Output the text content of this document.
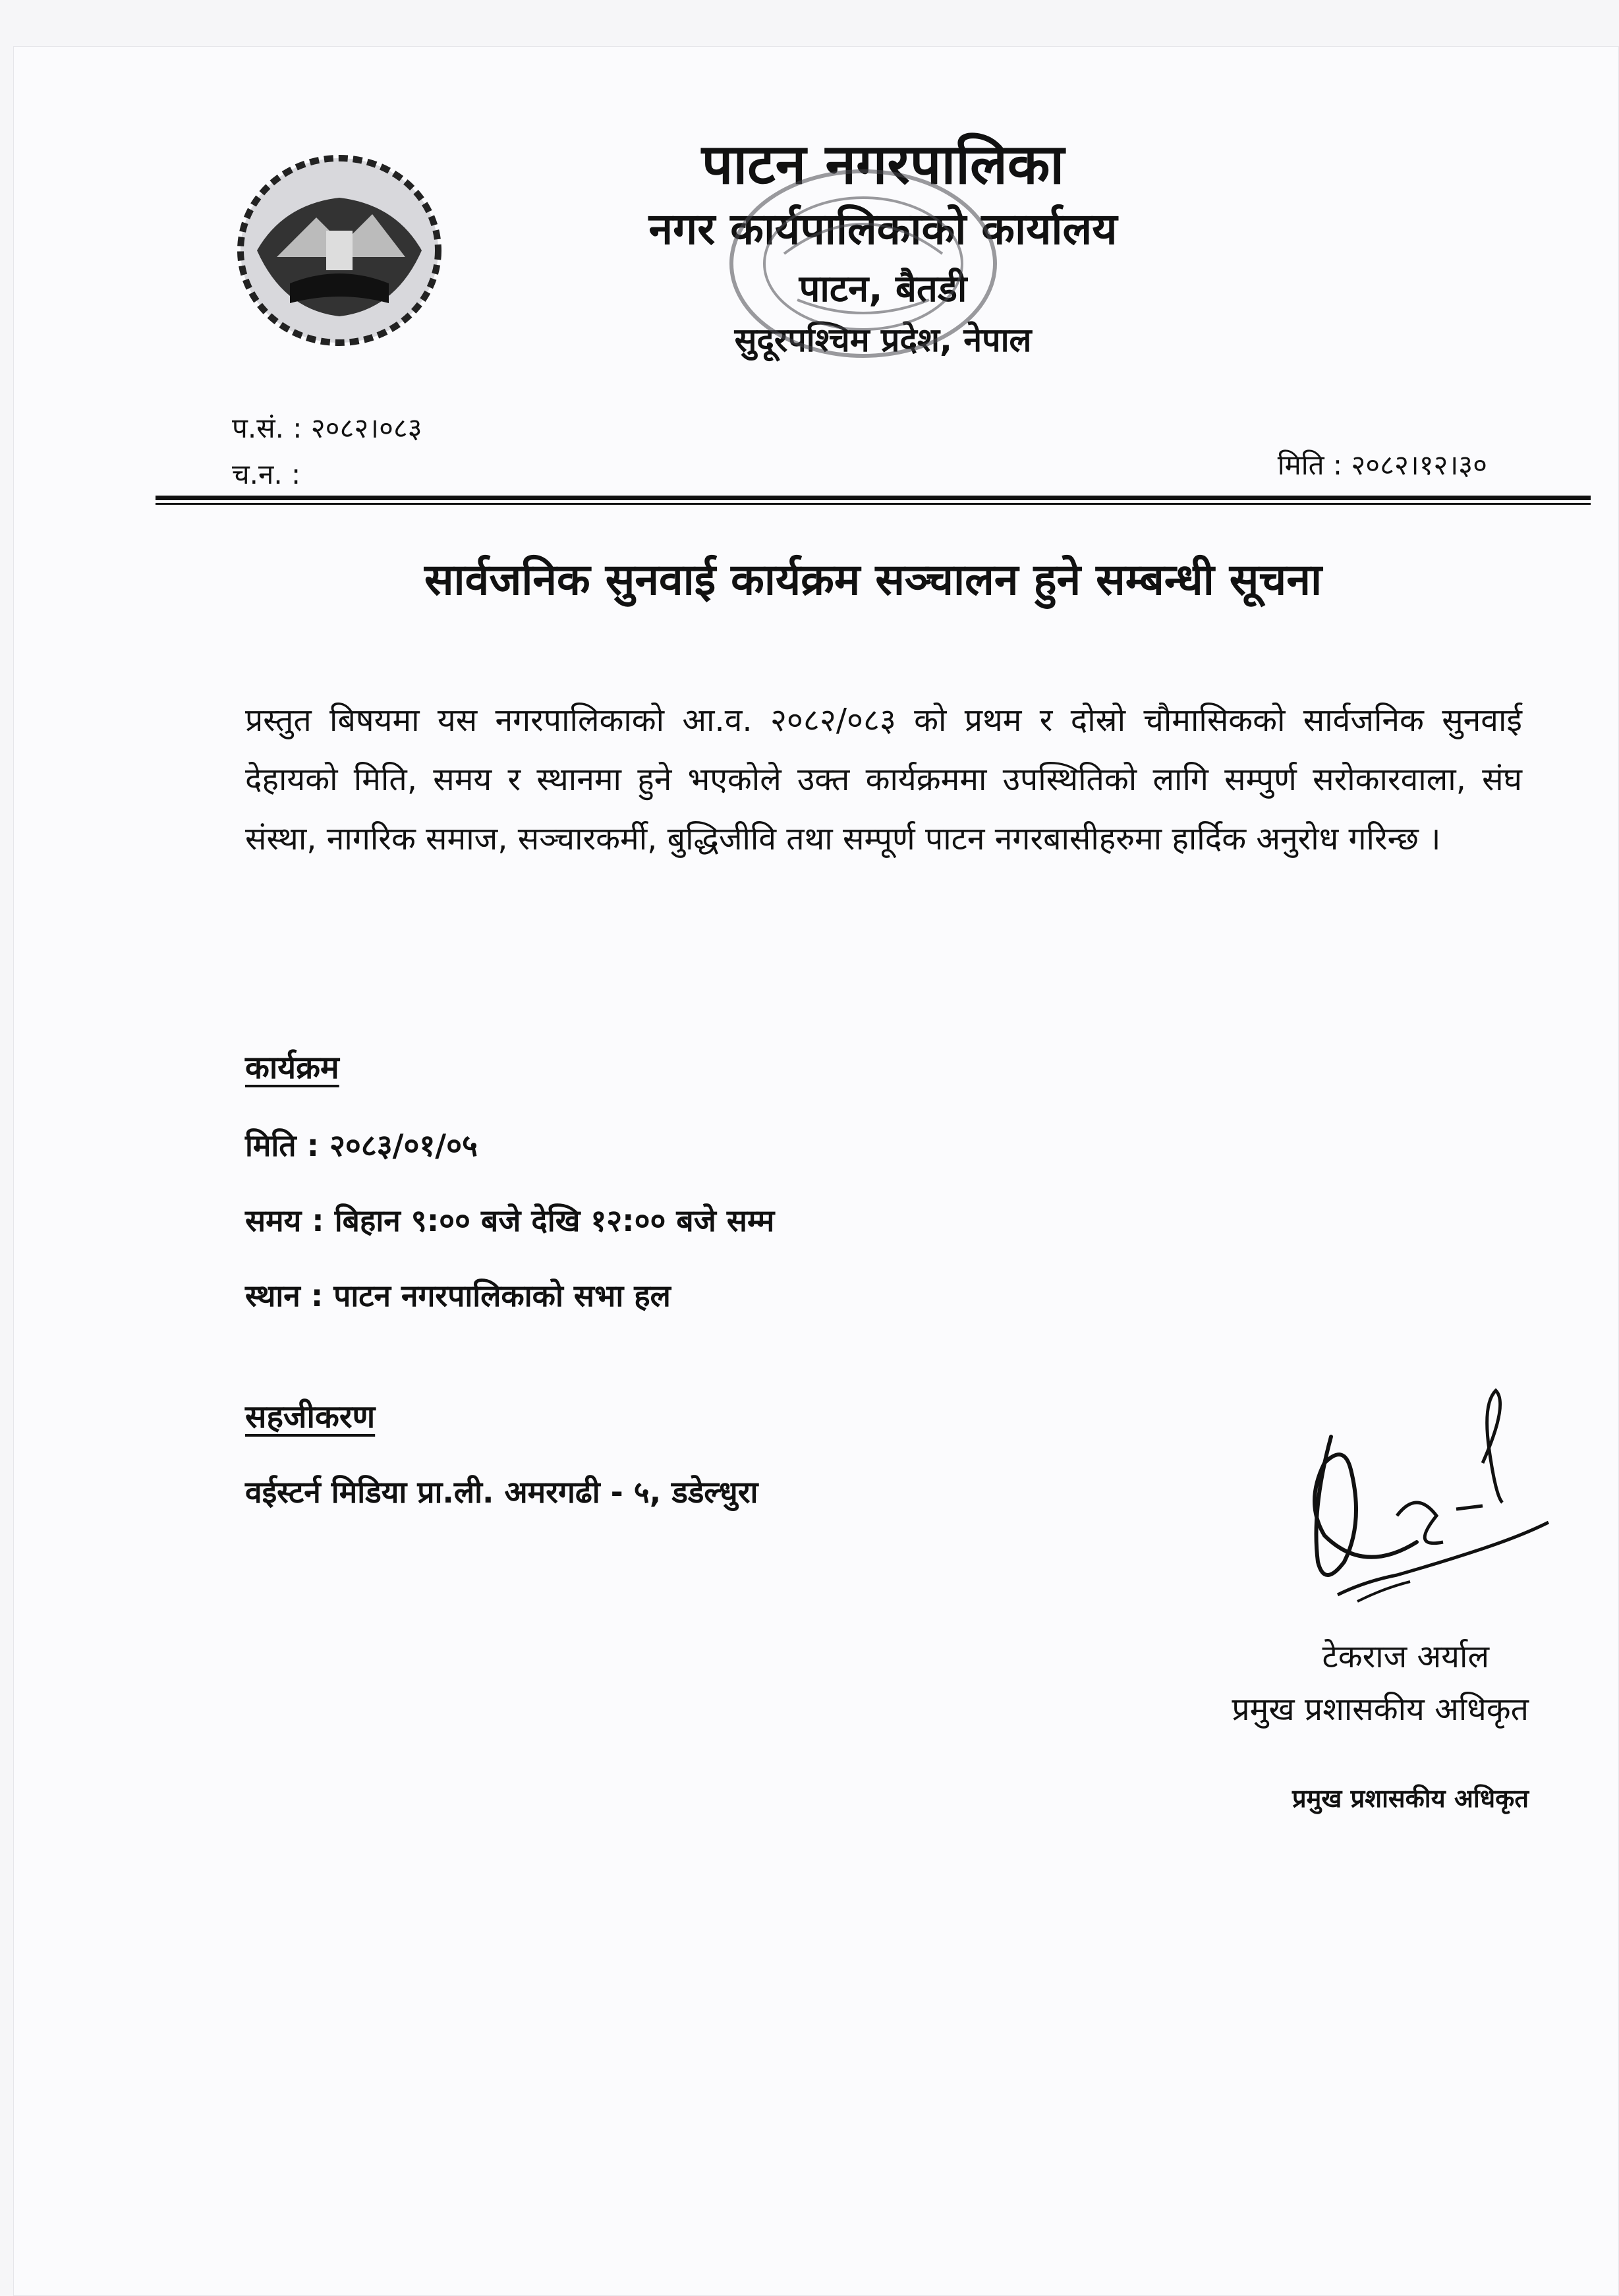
पाटन नगरपालिका
नगर कार्यपालिकाको कार्यालय
पाटन, बैतडी
सुदूरपश्चिम प्रदेश, नेपाल
प.सं. : २०८२।०८३
च.न. :	मिति : २०८२।१२।३०
सार्वजनिक सुनवाई कार्यक्रम सञ्चालन हुने सम्बन्धी सूचना

प्रस्तुत बिषयमा यस नगरपालिकाको आ.व. २०८२/०८३ को प्रथम र दोस्रो चौमासिकको सार्वजनिक सुनवाई देहायको मिति, समय र स्थानमा हुने भएकोले उक्त कार्यक्रममा उपस्थितिको लागि सम्पुर्ण सरोकारवाला, संघ संस्था, नागरिक समाज, सञ्चारकर्मी, बुद्धिजीवि तथा सम्पूर्ण पाटन नगरबासीहरुमा हार्दिक अनुरोध गरिन्छ ।

कार्यक्रम
मिति : २०८३/०१/०५
समय : बिहान ९:०० बजे देखि १२:०० बजे सम्म
स्थान : पाटन नगरपालिकाको सभा हल
सहजीकरण
वईस्टर्न मिडिया प्रा.ली. अमरगढी - ५, डडेल्धुरा
टेकराज अर्याल
प्रमुख प्रशासकीय अधिकृत
प्रमुख प्रशासकीय अधिकृत
